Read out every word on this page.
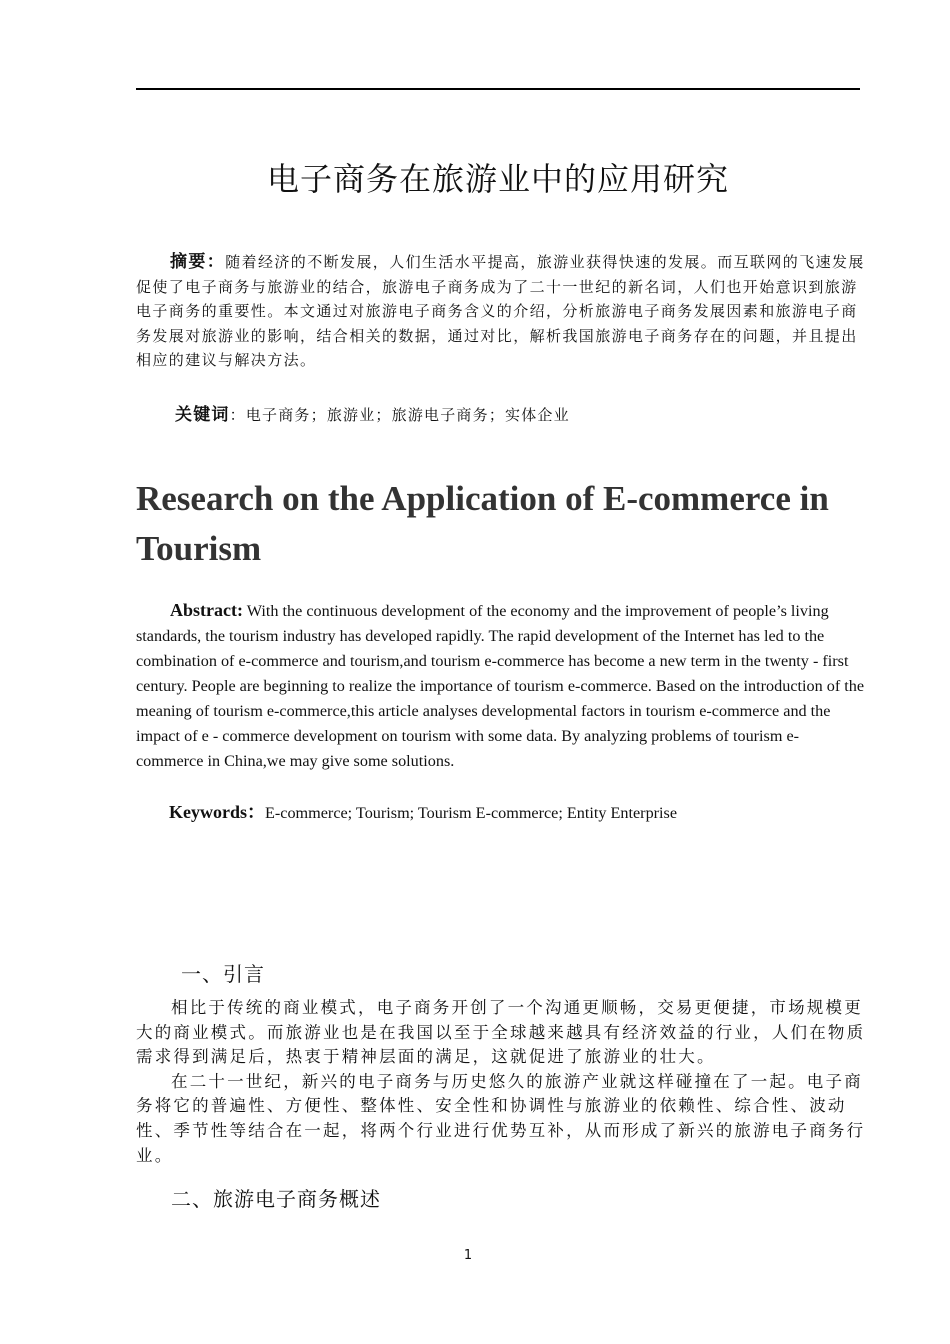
电子商务在旅游业中的应用研究

摘要：随着经济的不断发展，人们生活水平提高，旅游业获得快速的发展。而互联网的飞速发展促使了电子商务与旅游业的结合，旅游电子商务成为了二十一世纪的新名词，人们也开始意识到旅游电子商务的重要性。本文通过对旅游电子商务含义的介绍，分析旅游电子商务发展因素和旅游电子商务发展对旅游业的影响，结合相关的数据，通过对比，解析我国旅游电子商务存在的问题，并且提出相应的建议与解决方法。

关键词：电子商务；旅游业；旅游电子商务；实体企业

Research on the Application of E-commerce in Tourism

Abstract: With the continuous development of the economy and the improvement of people’s living standards, the tourism industry has developed rapidly. The rapid development of the Internet has led to the combination of e-commerce and tourism,and tourism e-commerce has become a new term in the twenty - first century. People are beginning to realize the importance of tourism e-commerce. Based on the introduction of the meaning of tourism e-commerce,this article analyses developmental factors in tourism e-commerce and the impact of e - commerce development on tourism with some data. By analyzing problems of tourism e-commerce in China,we may give some solutions.

Keywords：E-commerce; Tourism; Tourism E-commerce; Entity Enterprise

一、引言

相比于传统的商业模式，电子商务开创了一个沟通更顺畅，交易更便捷，市场规模更大的商业模式。而旅游业也是在我国以至于全球越来越具有经济效益的行业，人们在物质需求得到满足后，热衷于精神层面的满足，这就促进了旅游业的壮大。

在二十一世纪，新兴的电子商务与历史悠久的旅游产业就这样碰撞在了一起。电子商务将它的普遍性、方便性、整体性、安全性和协调性与旅游业的依赖性、综合性、波动性、季节性等结合在一起，将两个行业进行优势互补，从而形成了新兴的旅游电子商务行业。

二、旅游电子商务概述
1
